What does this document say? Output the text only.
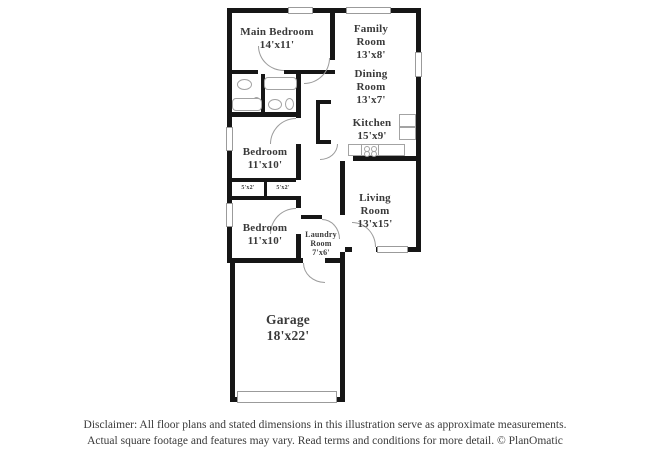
Main Bedroom
14'x11'
Family Room
13'x8'
Dining Room
13'x7'
Kitchen
15'x9'
Bedroom
11'x10'
5'x2'	5'x2'
Bedroom
11'x10'
Laundry Room
7'x6'
Living Room
13'x15'
Garage
18'x22'
Disclaimer: All floor plans and stated dimensions in this illustration serve as approximate measurements.
Actual square footage and features may vary. Read terms and conditions for more detail. © PlanOmatic
